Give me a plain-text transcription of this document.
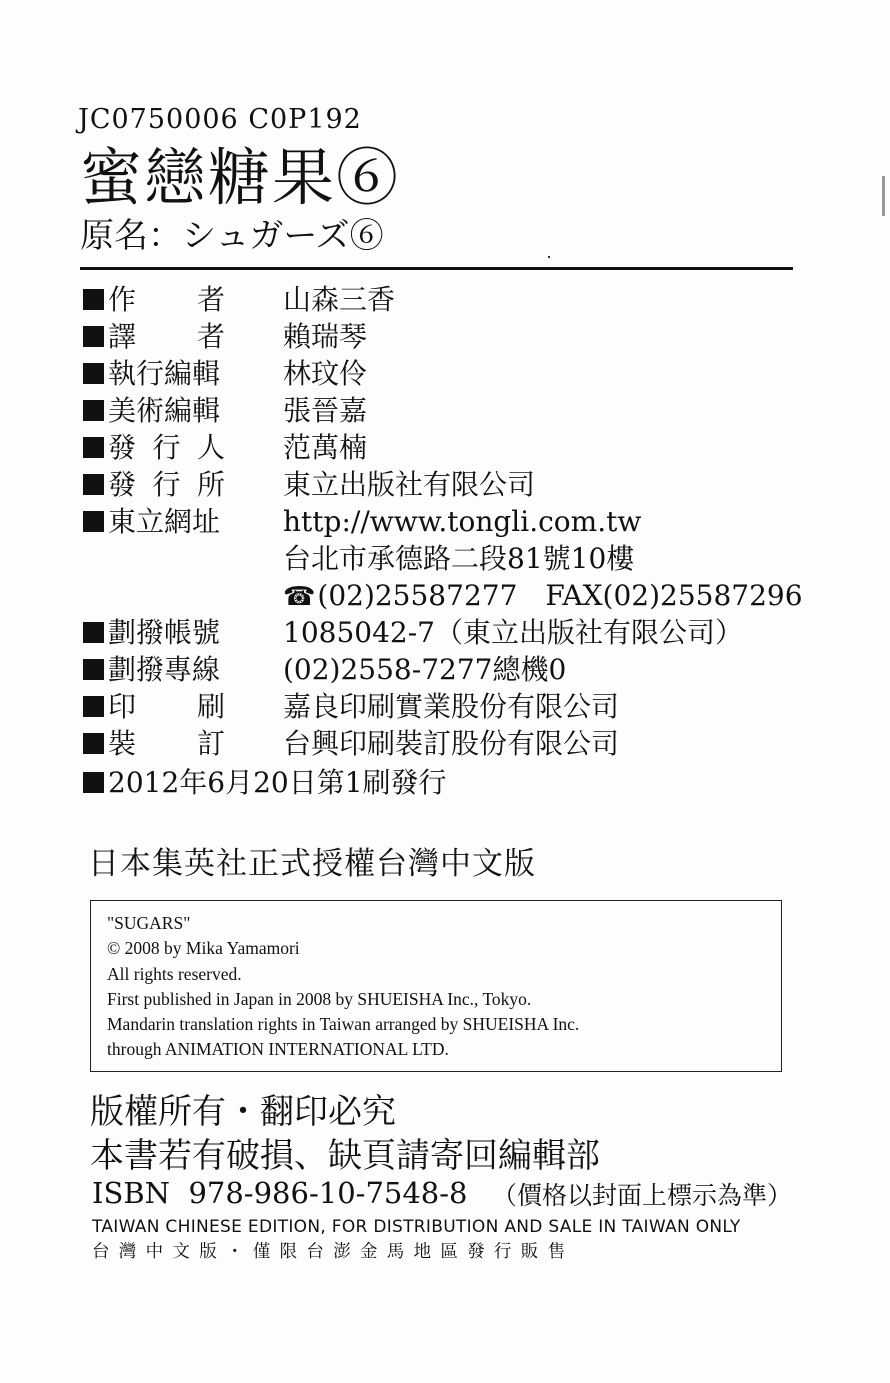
JC0750006 C0P192
蜜戀糖果⑥
原名：シュガーズ⑥
作 者 山森三香
譯 者 賴瑞琴
執行編輯 林玟伶
美術編輯 張晉嘉
發 行 人 范萬楠
發 行 所 東立出版社有限公司
東立網址 http://www.tongli.com.tw
台北市承德路二段81號10樓
☎(02)25587277　FAX(02)25587296
劃撥帳號 1085042-7（東立出版社有限公司）
劃撥專線 (02)2558-7277總機0
印 刷 嘉良印刷實業股份有限公司
裝 訂 台興印刷裝訂股份有限公司
2012年6月20日第1刷發行
日本集英社正式授權台灣中文版
"SUGARS"
© 2008 by Mika Yamamori
All rights reserved.
First published in Japan in 2008 by SHUEISHA Inc., Tokyo.
Mandarin translation rights in Taiwan arranged by SHUEISHA Inc.
through ANIMATION INTERNATIONAL LTD.
版權所有・翻印必究
本書若有破損、缺頁請寄回編輯部
ISBN  978-986-10-7548-8 （價格以封面上標示為準）
TAIWAN CHINESE EDITION, FOR DISTRIBUTION AND SALE IN TAIWAN ONLY
台灣中文版・僅限台澎金馬地區發行販售
